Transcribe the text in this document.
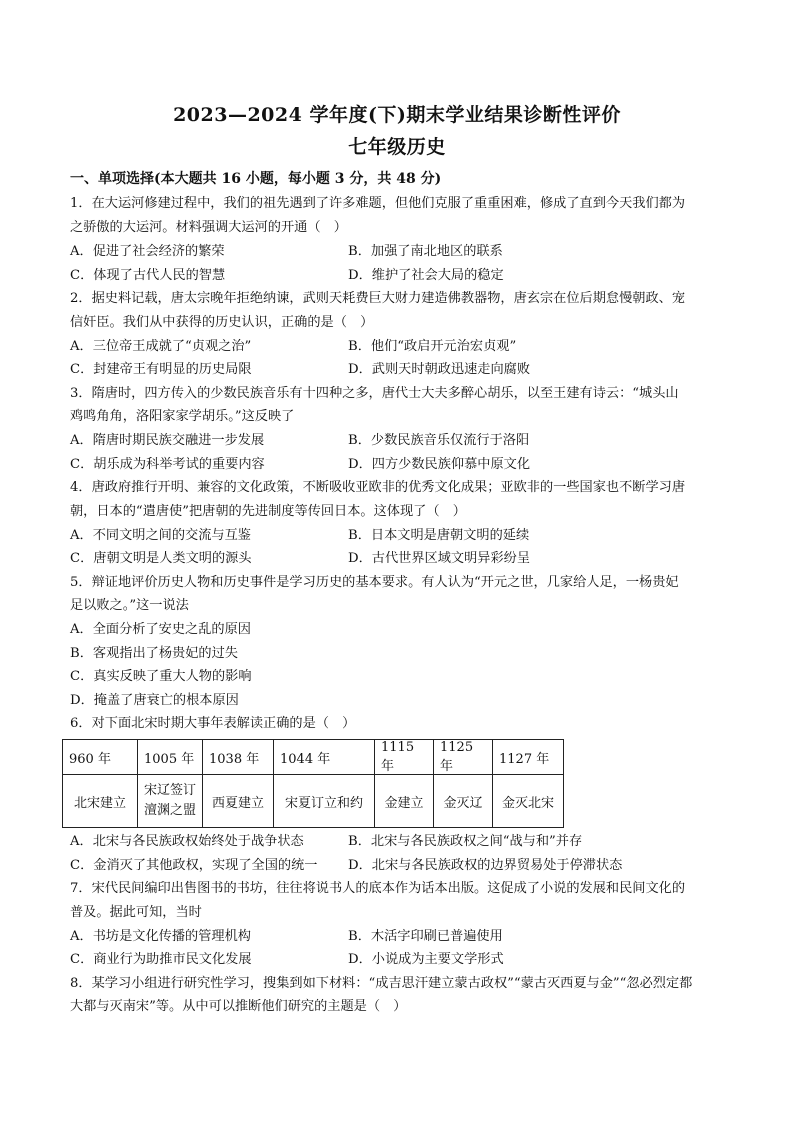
2023—2024 学年度(下)期末学业结果诊断性评价
七年级历史
一、单项选择(本大题共 16 小题，每小题 3 分，共 48 分)
1．在大运河修建过程中，我们的祖先遇到了许多难题，但他们克服了重重困难，修成了直到今天我们都为
之骄傲的大运河。材料强调大运河的开通（　）
A．促进了社会经济的繁荣	B．加强了南北地区的联系
C．体现了古代人民的智慧	D．维护了社会大局的稳定
2．据史料记载，唐太宗晚年拒绝纳谏，武则天耗费巨大财力建造佛教器物，唐玄宗在位后期怠慢朝政、宠
信奸臣。我们从中获得的历史认识，正确的是（　）
A．三位帝王成就了“贞观之治”	B．他们“政启开元治宏贞观”
C．封建帝王有明显的历史局限	D．武则天时朝政迅速走向腐败
3．隋唐时，四方传入的少数民族音乐有十四种之多，唐代士大夫多醉心胡乐，以至王建有诗云：“城头山
鸡鸣角角，洛阳家家学胡乐。”这反映了
A．隋唐时期民族交融进一步发展	B．少数民族音乐仅流行于洛阳
C．胡乐成为科举考试的重要内容	D．四方少数民族仰慕中原文化
4．唐政府推行开明、兼容的文化政策，不断吸收亚欧非的优秀文化成果；亚欧非的一些国家也不断学习唐
朝，日本的“遣唐使”把唐朝的先进制度等传回日本。这体现了（　）
A．不同文明之间的交流与互鉴	B．日本文明是唐朝文明的延续
C．唐朝文明是人类文明的源头	D．古代世界区域文明异彩纷呈
5．辩证地评价历史人物和历史事件是学习历史的基本要求。有人认为“开元之世，几家给人足，一杨贵妃
足以败之。”这一说法
A．全面分析了安史之乱的原因
B．客观指出了杨贵妃的过失
C．真实反映了重大人物的影响
D．掩盖了唐衰亡的根本原因
6．对下面北宋时期大事年表解读正确的是（　）
960 年	1005 年	1038 年	1044 年	1115 年	1125 年	1127 年
北宋建立	宋辽签订澶渊之盟	西夏建立	宋夏订立和约	金建立	金灭辽	金灭北宋
A．北宋与各民族政权始终处于战争状态	B．北宋与各民族政权之间“战与和”并存
C．金消灭了其他政权，实现了全国的统一 D．北宋与各民族政权的边界贸易处于停滞状态
7．宋代民间编印出售图书的书坊，往往将说书人的底本作为话本出版。这促成了小说的发展和民间文化的
普及。据此可知，当时
A．书坊是文化传播的管理机构	B．木活字印刷已普遍使用
C．商业行为助推市民文化发展	D．小说成为主要文学形式
8．某学习小组进行研究性学习，搜集到如下材料：“成吉思汗建立蒙古政权”“蒙古灭西夏与金”“忽必烈定都
大都与灭南宋”等。从中可以推断他们研究的主题是（　）
